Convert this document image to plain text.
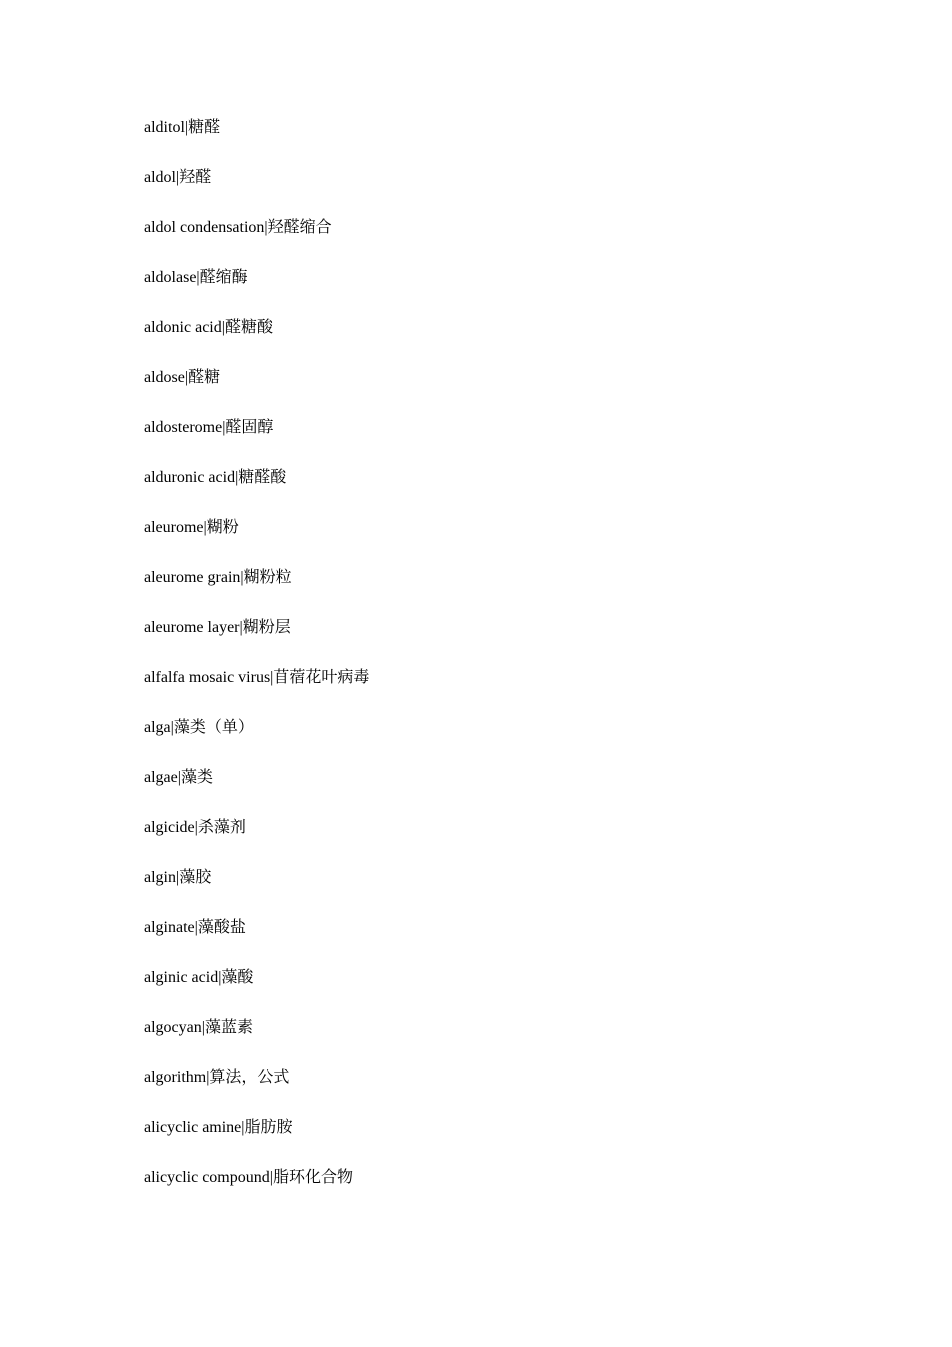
alditol|糖醛
aldol|羟醛
aldol condensation|羟醛缩合
aldolase|醛缩酶
aldonic acid|醛糖酸
aldose|醛糖
aldosterome|醛固醇
alduronic acid|糖醛酸
aleurome|糊粉
aleurome grain|糊粉粒
aleurome layer|糊粉层
alfalfa mosaic virus|苜蓿花叶病毒
alga|藻类（单）
algae|藻类
algicide|杀藻剂
algin|藻胶
alginate|藻酸盐
alginic acid|藻酸
algocyan|藻蓝素
algorithm|算法，公式
alicyclic amine|脂肪胺
alicyclic compound|脂环化合物
